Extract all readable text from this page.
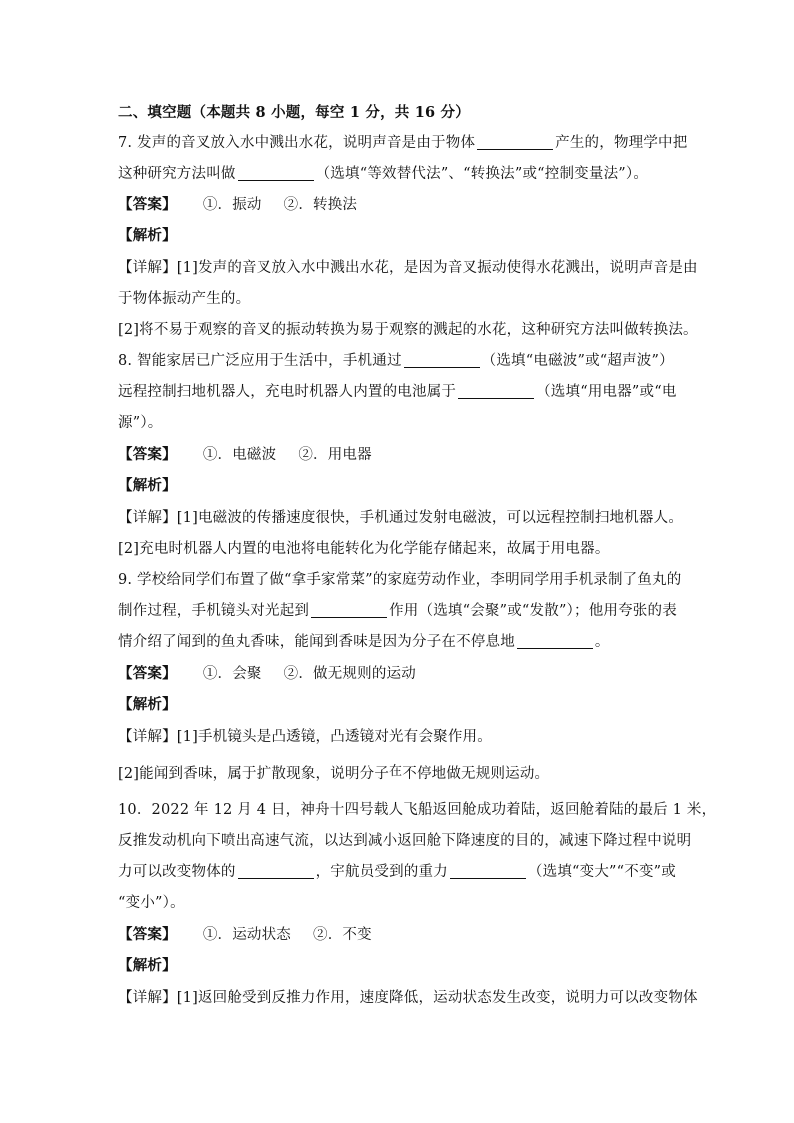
二、填空题（本题共 8 小题，每空 1 分，共 16 分）
7. 发声的音叉放入水中溅出水花，说明声音是由于物体	产生的，物理学中把
这种研究方法叫做	（选填“等效替代法”、“转换法”或“控制变量法”）。
【答案】 ①．振动 ②．转换法
【解析】
【详解】[1]发声的音叉放入水中溅出水花，是因为音叉振动使得水花溅出，说明声音是由
于物体振动产生的。
[2]将不易于观察的音叉的振动转换为易于观察的溅起的水花，这种研究方法叫做转换法。
8. 智能家居已广泛应用于生活中，手机通过	（选填“电磁波”或“超声波”）
远程控制扫地机器人，充电时机器人内置的电池属于	（选填“用电器”或“电
源”）。
【答案】 ①．电磁波 ②．用电器
【解析】
【详解】[1]电磁波的传播速度很快，手机通过发射电磁波，可以远程控制扫地机器人。
[2]充电时机器人内置的电池将电能转化为化学能存储起来，故属于用电器。
9. 学校给同学们布置了做“拿手家常菜”的家庭劳动作业，李明同学用手机录制了鱼丸的
制作过程，手机镜头对光起到	作用（选填“会聚”或“发散”）；他用夸张的表
情介绍了闻到的鱼丸香味，能闻到香味是因为分子在不停息地	。
【答案】 ①．会聚 ②．做无规则的运动
【解析】
【详解】[1]手机镜头是凸透镜，凸透镜对光有会聚作用。
[2]能闻到香味，属于扩散现象，说明分子在不停地做无规则运动。
10．2022 年 12 月 4 日，神舟十四号载人飞船返回舱成功着陆，返回舱着陆的最后 1 米，
反推发动机向下喷出高速气流，以达到减小返回舱下降速度的目的，减速下降过程中说明
力可以改变物体的	，宇航员受到的重力	（选填“变大”“不变”或
“变小”）。
【答案】 ①．运动状态 ②．不变
【解析】
【详解】[1]返回舱受到反推力作用，速度降低，运动状态发生改变，说明力可以改变物体
